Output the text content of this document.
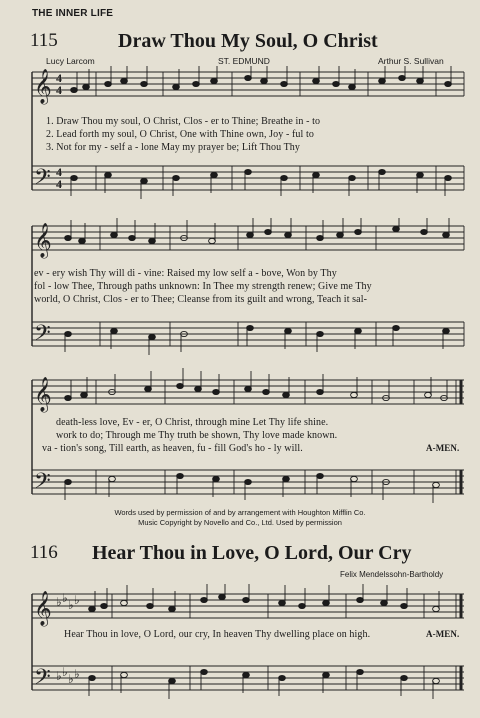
THE INNER LIFE
115	Draw Thou My Soul, O Christ
Lucy Larcom	ST. EDMUND	Arthur S. Sullivan
𝄞
𝄢
4
4
4
4
1. Draw Thou my soul, O Christ, Clos - er to Thine; Breathe in - to
2. Lead forth my soul, O Christ, One with Thine own, Joy - ful to
3. Not for my - self a - lone May my prayer be; Lift Thou Thy
𝄞
𝄢
ev - ery wish Thy will di - vine: Raised my low self a - bove, Won by Thy
fol - low Thee, Through paths unknown: In Thee my strength renew; Give me Thy
world, O Christ, Clos - er to Thee; Cleanse from its guilt and wrong, Teach it sal-
𝄞
𝄢
death-less love, Ev - er, O Christ, through mine Let Thy life shine.
work to do; Through me Thy truth be shown, Thy love made known.
va - tion's song, Till earth, as heaven, fu - fill God's ho - ly will.	A-MEN.
Words used by permission of and by arrangement with Houghton Mifflin Co.
Music Copyright by Novello and Co., Ltd. Used by permission
116 Hear Thou in Love, O Lord, Our Cry
Felix Mendelssohn-Bartholdy
𝄞
𝄢
♭ ♭ ♭ ♭
♭ ♭ ♭ ♭
Hear Thou in love, O Lord, our cry, In heaven Thy dwelling place on high.	A-MEN.
